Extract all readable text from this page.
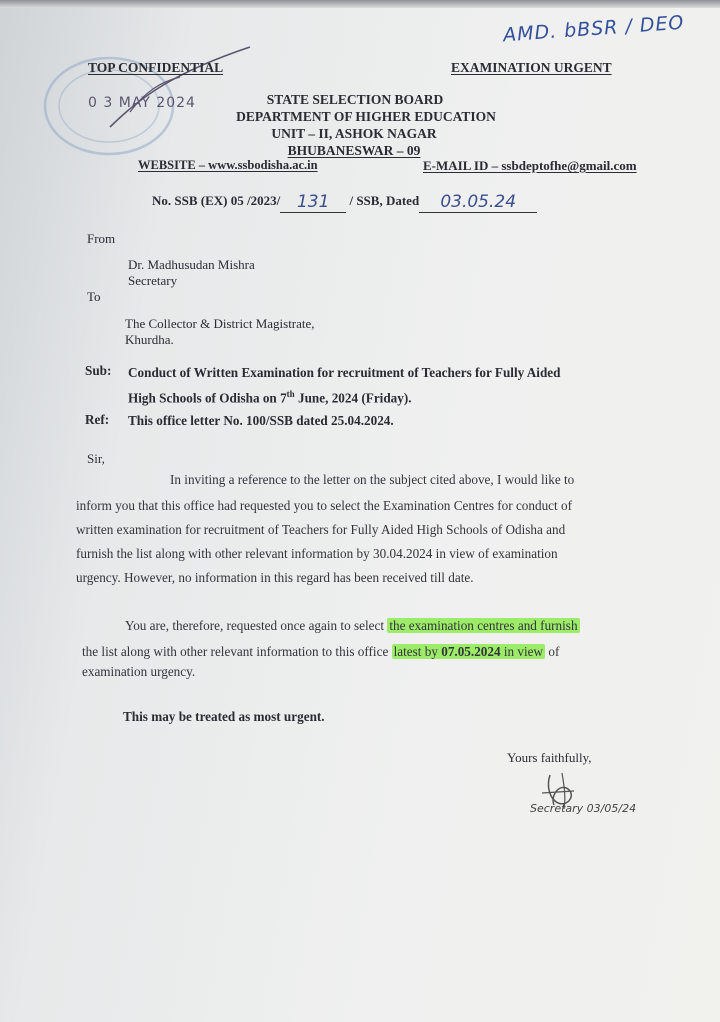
AMD. bBSR / DEO
0 3 MAY 2024
TOP CONFIDENTIAL	EXAMINATION URGENT
STATE SELECTION BOARD
DEPARTMENT OF HIGHER EDUCATION
UNIT – II, ASHOK NAGAR
BHUBANESWAR – 09
WEBSITE – www.ssbodisha.ac.in	E-MAIL ID – ssbdeptofhe@gmail.com
No. SSB (EX) 05 /2023/ 131 / SSB, Dated 03.05.24
From
Dr. Madhusudan Mishra
Secretary
To
The Collector & District Magistrate,
Khurdha.
Sub: Conduct of Written Examination for recruitment of Teachers for Fully Aided
High Schools of Odisha on 7th June, 2024 (Friday).
Ref: This office letter No. 100/SSB dated 25.04.2024.
Sir,
In inviting a reference to the letter on the subject cited above, I would like to
inform you that this office had requested you to select the Examination Centres for conduct of
written examination for recruitment of Teachers for Fully Aided High Schools of Odisha and
furnish the list along with other relevant information by 30.04.2024 in view of examination
urgency. However, no information in this regard has been received till date.
You are, therefore, requested once again to select the examination centres and furnish
the list along with other relevant information to this office latest by 07.05.2024 in view of
examination urgency.
This may be treated as most urgent.
Yours faithfully,
Secretary 03/05/24
